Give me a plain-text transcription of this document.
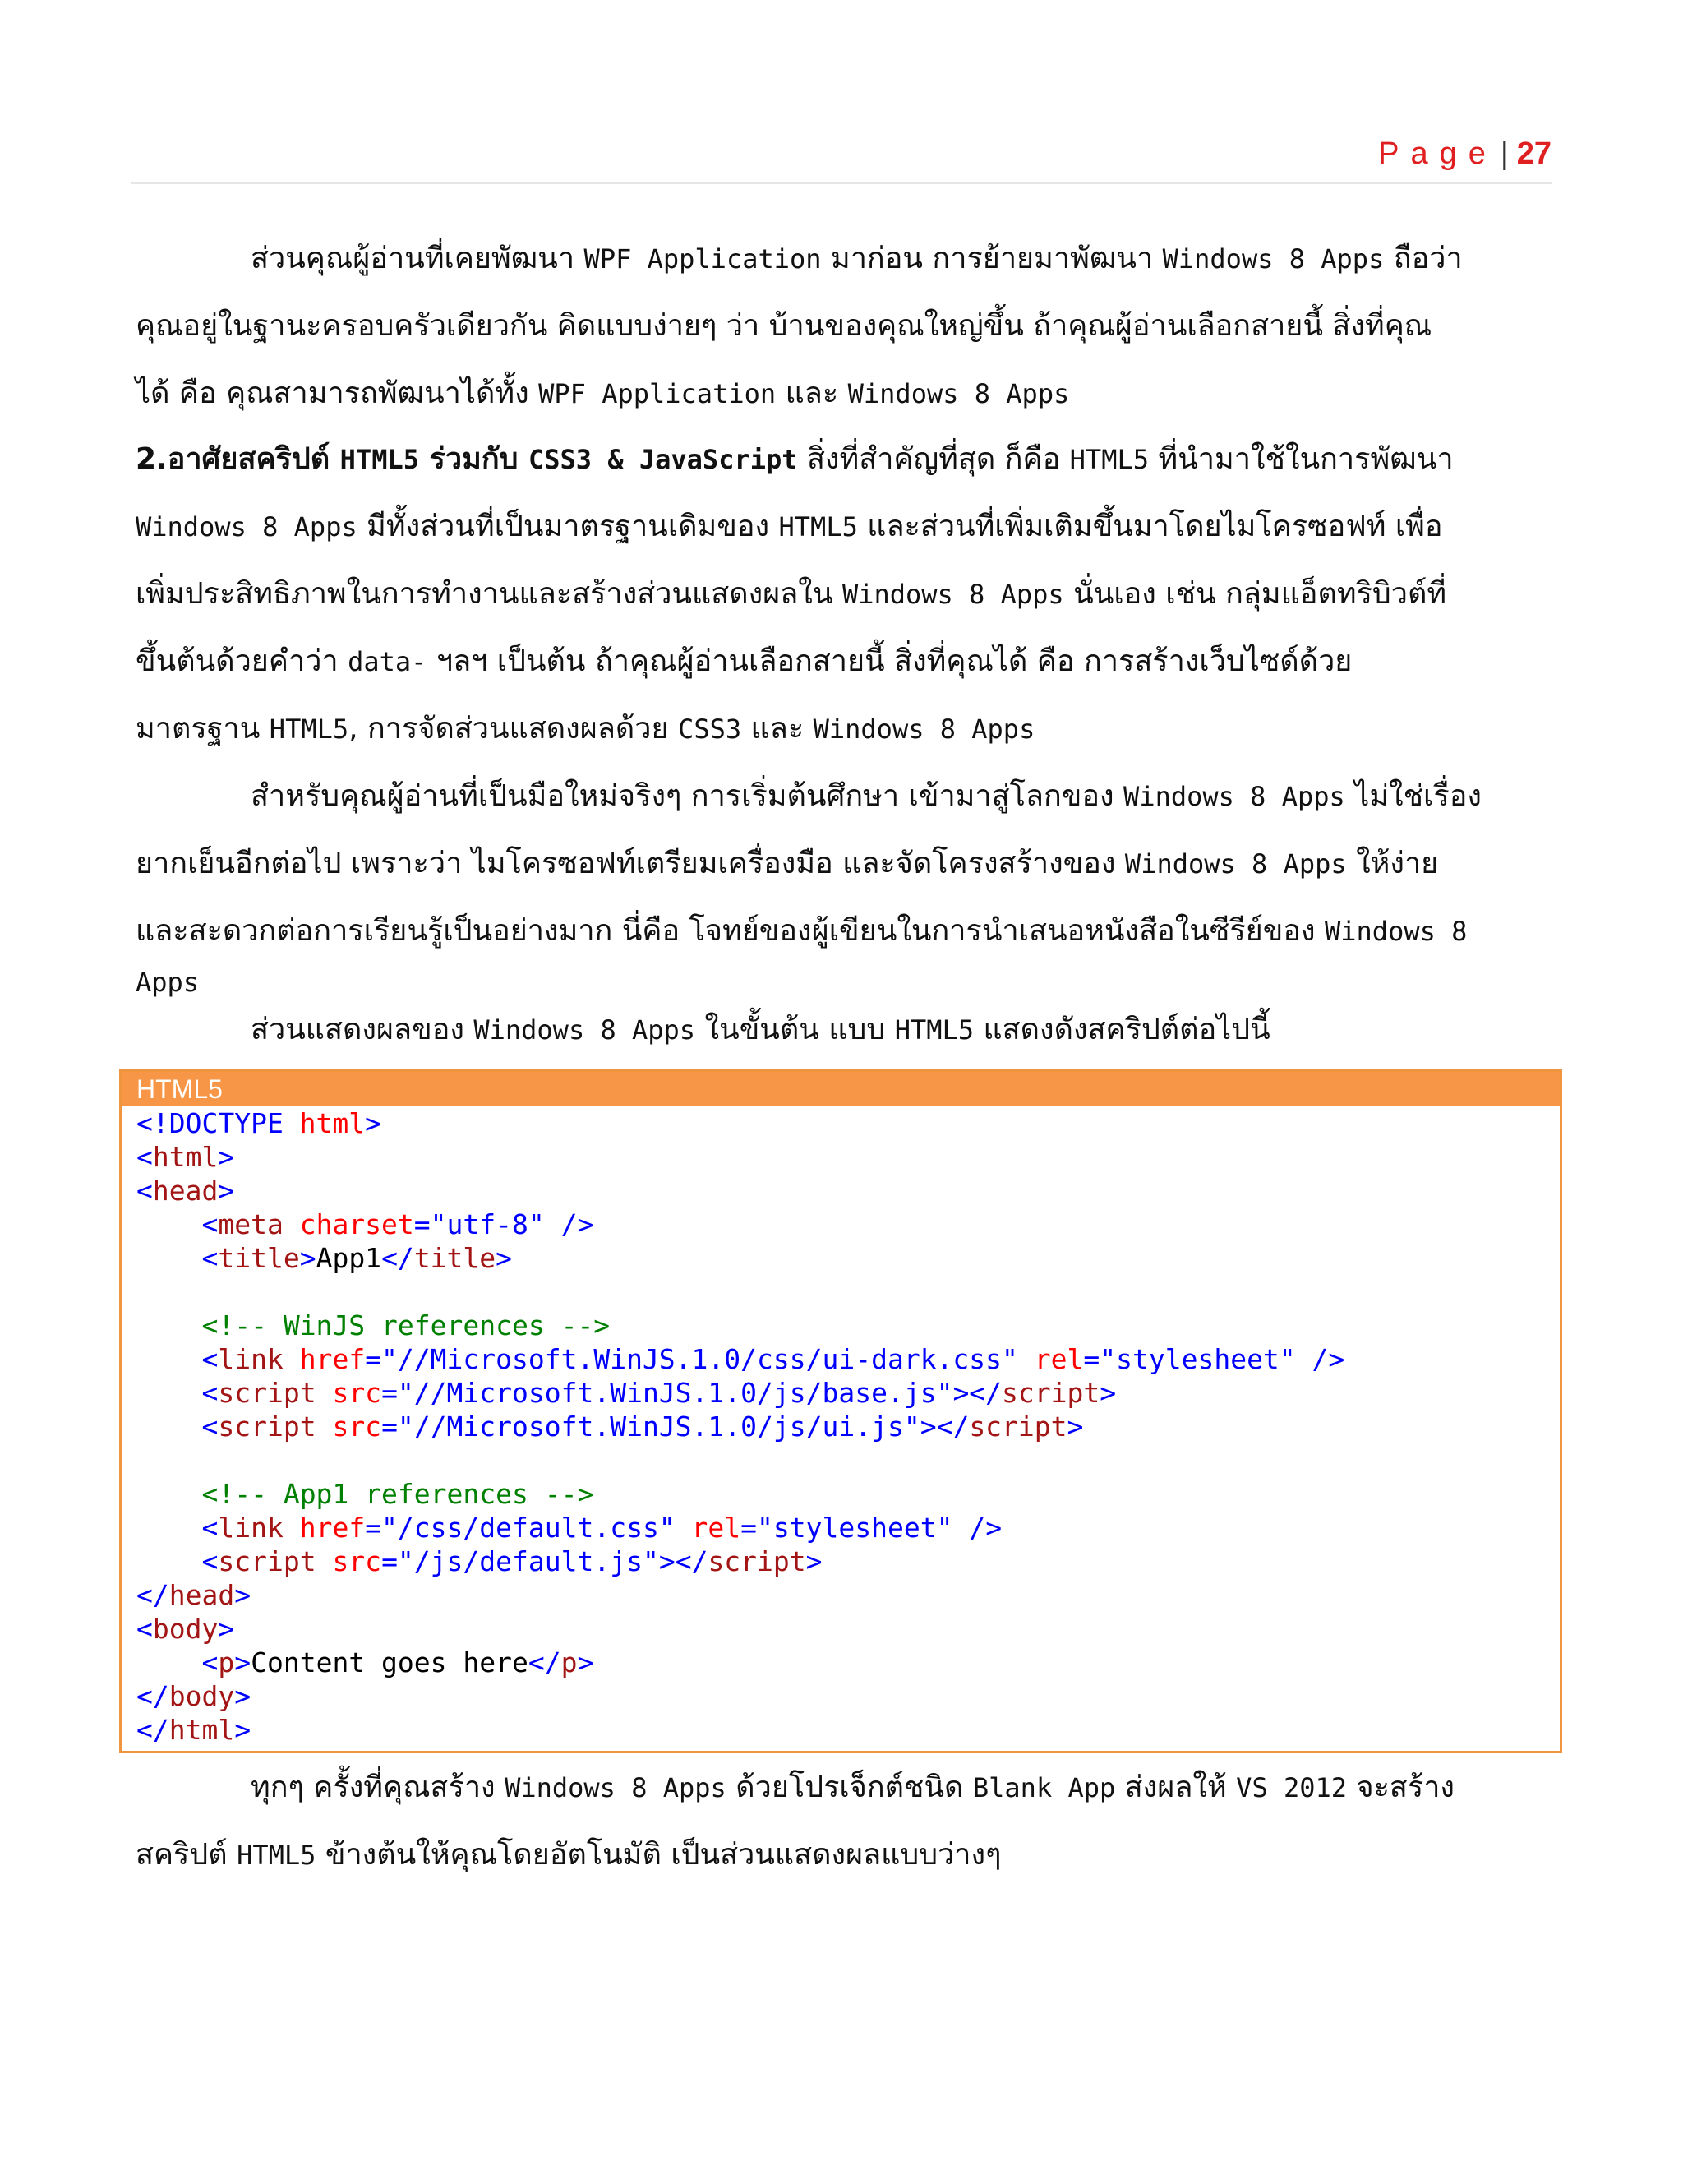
Page | 27
ส่วนคุณผู้อ่านที่เคยพัฒนา WPF Application มาก่อน การย้ายมาพัฒนา Windows 8 Apps ถือว่า
คุณอยู่ในฐานะครอบครัวเดียวกัน คิดแบบง่ายๆ ว่า บ้านของคุณใหญ่ขึ้น ถ้าคุณผู้อ่านเลือกสายนี้ สิ่งที่คุณ
ได้ คือ คุณสามารถพัฒนาได้ทั้ง WPF Application และ Windows 8 Apps
2.อาศัยสคริปต์ HTML5 ร่วมกับ CSS3 & JavaScript สิ่งที่สำคัญที่สุด ก็คือ HTML5 ที่นำมาใช้ในการพัฒนา
Windows 8 Apps มีทั้งส่วนที่เป็นมาตรฐานเดิมของ HTML5 และส่วนที่เพิ่มเติมขึ้นมาโดยไมโครซอฟท์ เพื่อ
เพิ่มประสิทธิภาพในการทำงานและสร้างส่วนแสดงผลใน Windows 8 Apps นั่นเอง เช่น กลุ่มแอ็ตทริบิวต์ที่
ขึ้นต้นด้วยคำว่า data- ฯลฯ เป็นต้น ถ้าคุณผู้อ่านเลือกสายนี้ สิ่งที่คุณได้ คือ การสร้างเว็บไซด์ด้วย
มาตรฐาน HTML5, การจัดส่วนแสดงผลด้วย CSS3 และ Windows 8 Apps
สำหรับคุณผู้อ่านที่เป็นมือใหม่จริงๆ การเริ่มต้นศึกษา เข้ามาสู่โลกของ Windows 8 Apps ไม่ใช่เรื่อง
ยากเย็นอีกต่อไป เพราะว่า ไมโครซอฟท์เตรียมเครื่องมือ และจัดโครงสร้างของ Windows 8 Apps ให้ง่าย
และสะดวกต่อการเรียนรู้เป็นอย่างมาก นี่คือ โจทย์ของผู้เขียนในการนำเสนอหนังสือในซีรีย์ของ Windows 8
Apps
ส่วนแสดงผลของ Windows 8 Apps ในขั้นต้น แบบ HTML5 แสดงดังสคริปต์ต่อไปนี้
HTML5
<!DOCTYPE html>
<html>
<head>
<meta charset="utf-8" />
<title>App1</title>

<!-- WinJS references -->
<link href="//Microsoft.WinJS.1.0/css/ui-dark.css" rel="stylesheet" />
<script src="//Microsoft.WinJS.1.0/js/base.js"></script>
<script src="//Microsoft.WinJS.1.0/js/ui.js"></script>

<!-- App1 references -->
<link href="/css/default.css" rel="stylesheet" />
<script src="/js/default.js"></script>
</head>
<body>
<p>Content goes here</p>
</body>
</html>
ทุกๆ ครั้งที่คุณสร้าง Windows 8 Apps ด้วยโปรเจ็กต์ชนิด Blank App ส่งผลให้ VS 2012 จะสร้าง
สคริปต์ HTML5 ข้างต้นให้คุณโดยอัตโนมัติ เป็นส่วนแสดงผลแบบว่างๆ
